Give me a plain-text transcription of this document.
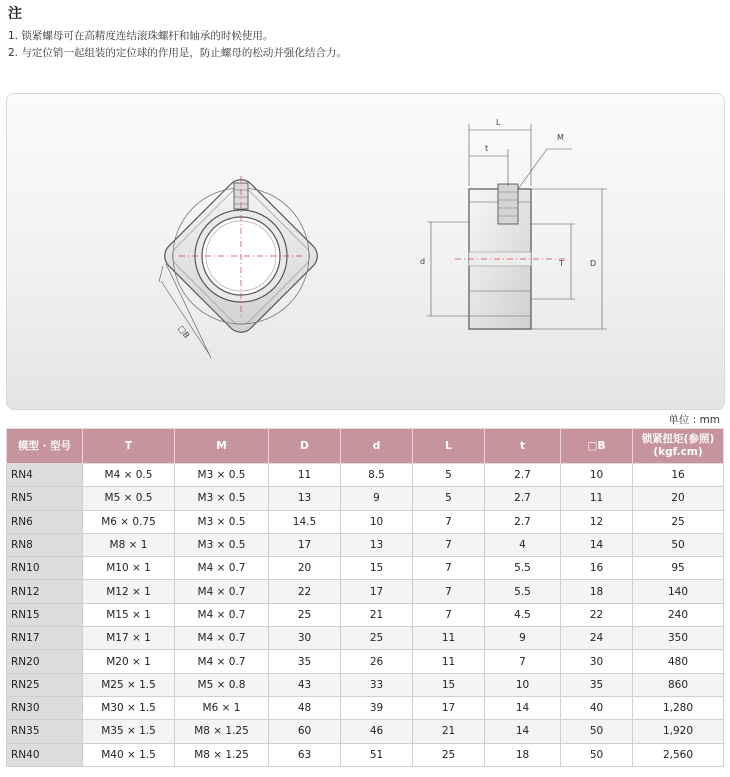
注
1. 锁紧螺母可在高精度连结滚珠螺杆和轴承的时候使用。
2. 与定位销一起组装的定位球的作用是，防止螺母的松动并强化结合力。
□B
L
t
M
d	T	D
单位 : mm
模型 · 型号	T	M	D	d	L	t	□B	锁紧扭矩(参照)
(kgf.cm)
RN4	M4 × 0.5	M3 × 0.5	11	8.5	5	2.7	10	16
RN5	M5 × 0.5	M3 × 0.5	13	9	5	2.7	11	20
RN6	M6 × 0.75	M3 × 0.5	14.5	10	7	2.7	12	25
RN8	M8 × 1	M3 × 0.5	17	13	7	4	14	50
RN10	M10 × 1	M4 × 0.7	20	15	7	5.5	16	95
RN12	M12 × 1	M4 × 0.7	22	17	7	5.5	18	140
RN15	M15 × 1	M4 × 0.7	25	21	7	4.5	22	240
RN17	M17 × 1	M4 × 0.7	30	25	11	9	24	350
RN20	M20 × 1	M4 × 0.7	35	26	11	7	30	480
RN25	M25 × 1.5	M5 × 0.8	43	33	15	10	35	860
RN30	M30 × 1.5	M6 × 1	48	39	17	14	40	1,280
RN35	M35 × 1.5	M8 × 1.25	60	46	21	14	50	1,920
RN40	M40 × 1.5	M8 × 1.25	63	51	25	18	50	2,560
